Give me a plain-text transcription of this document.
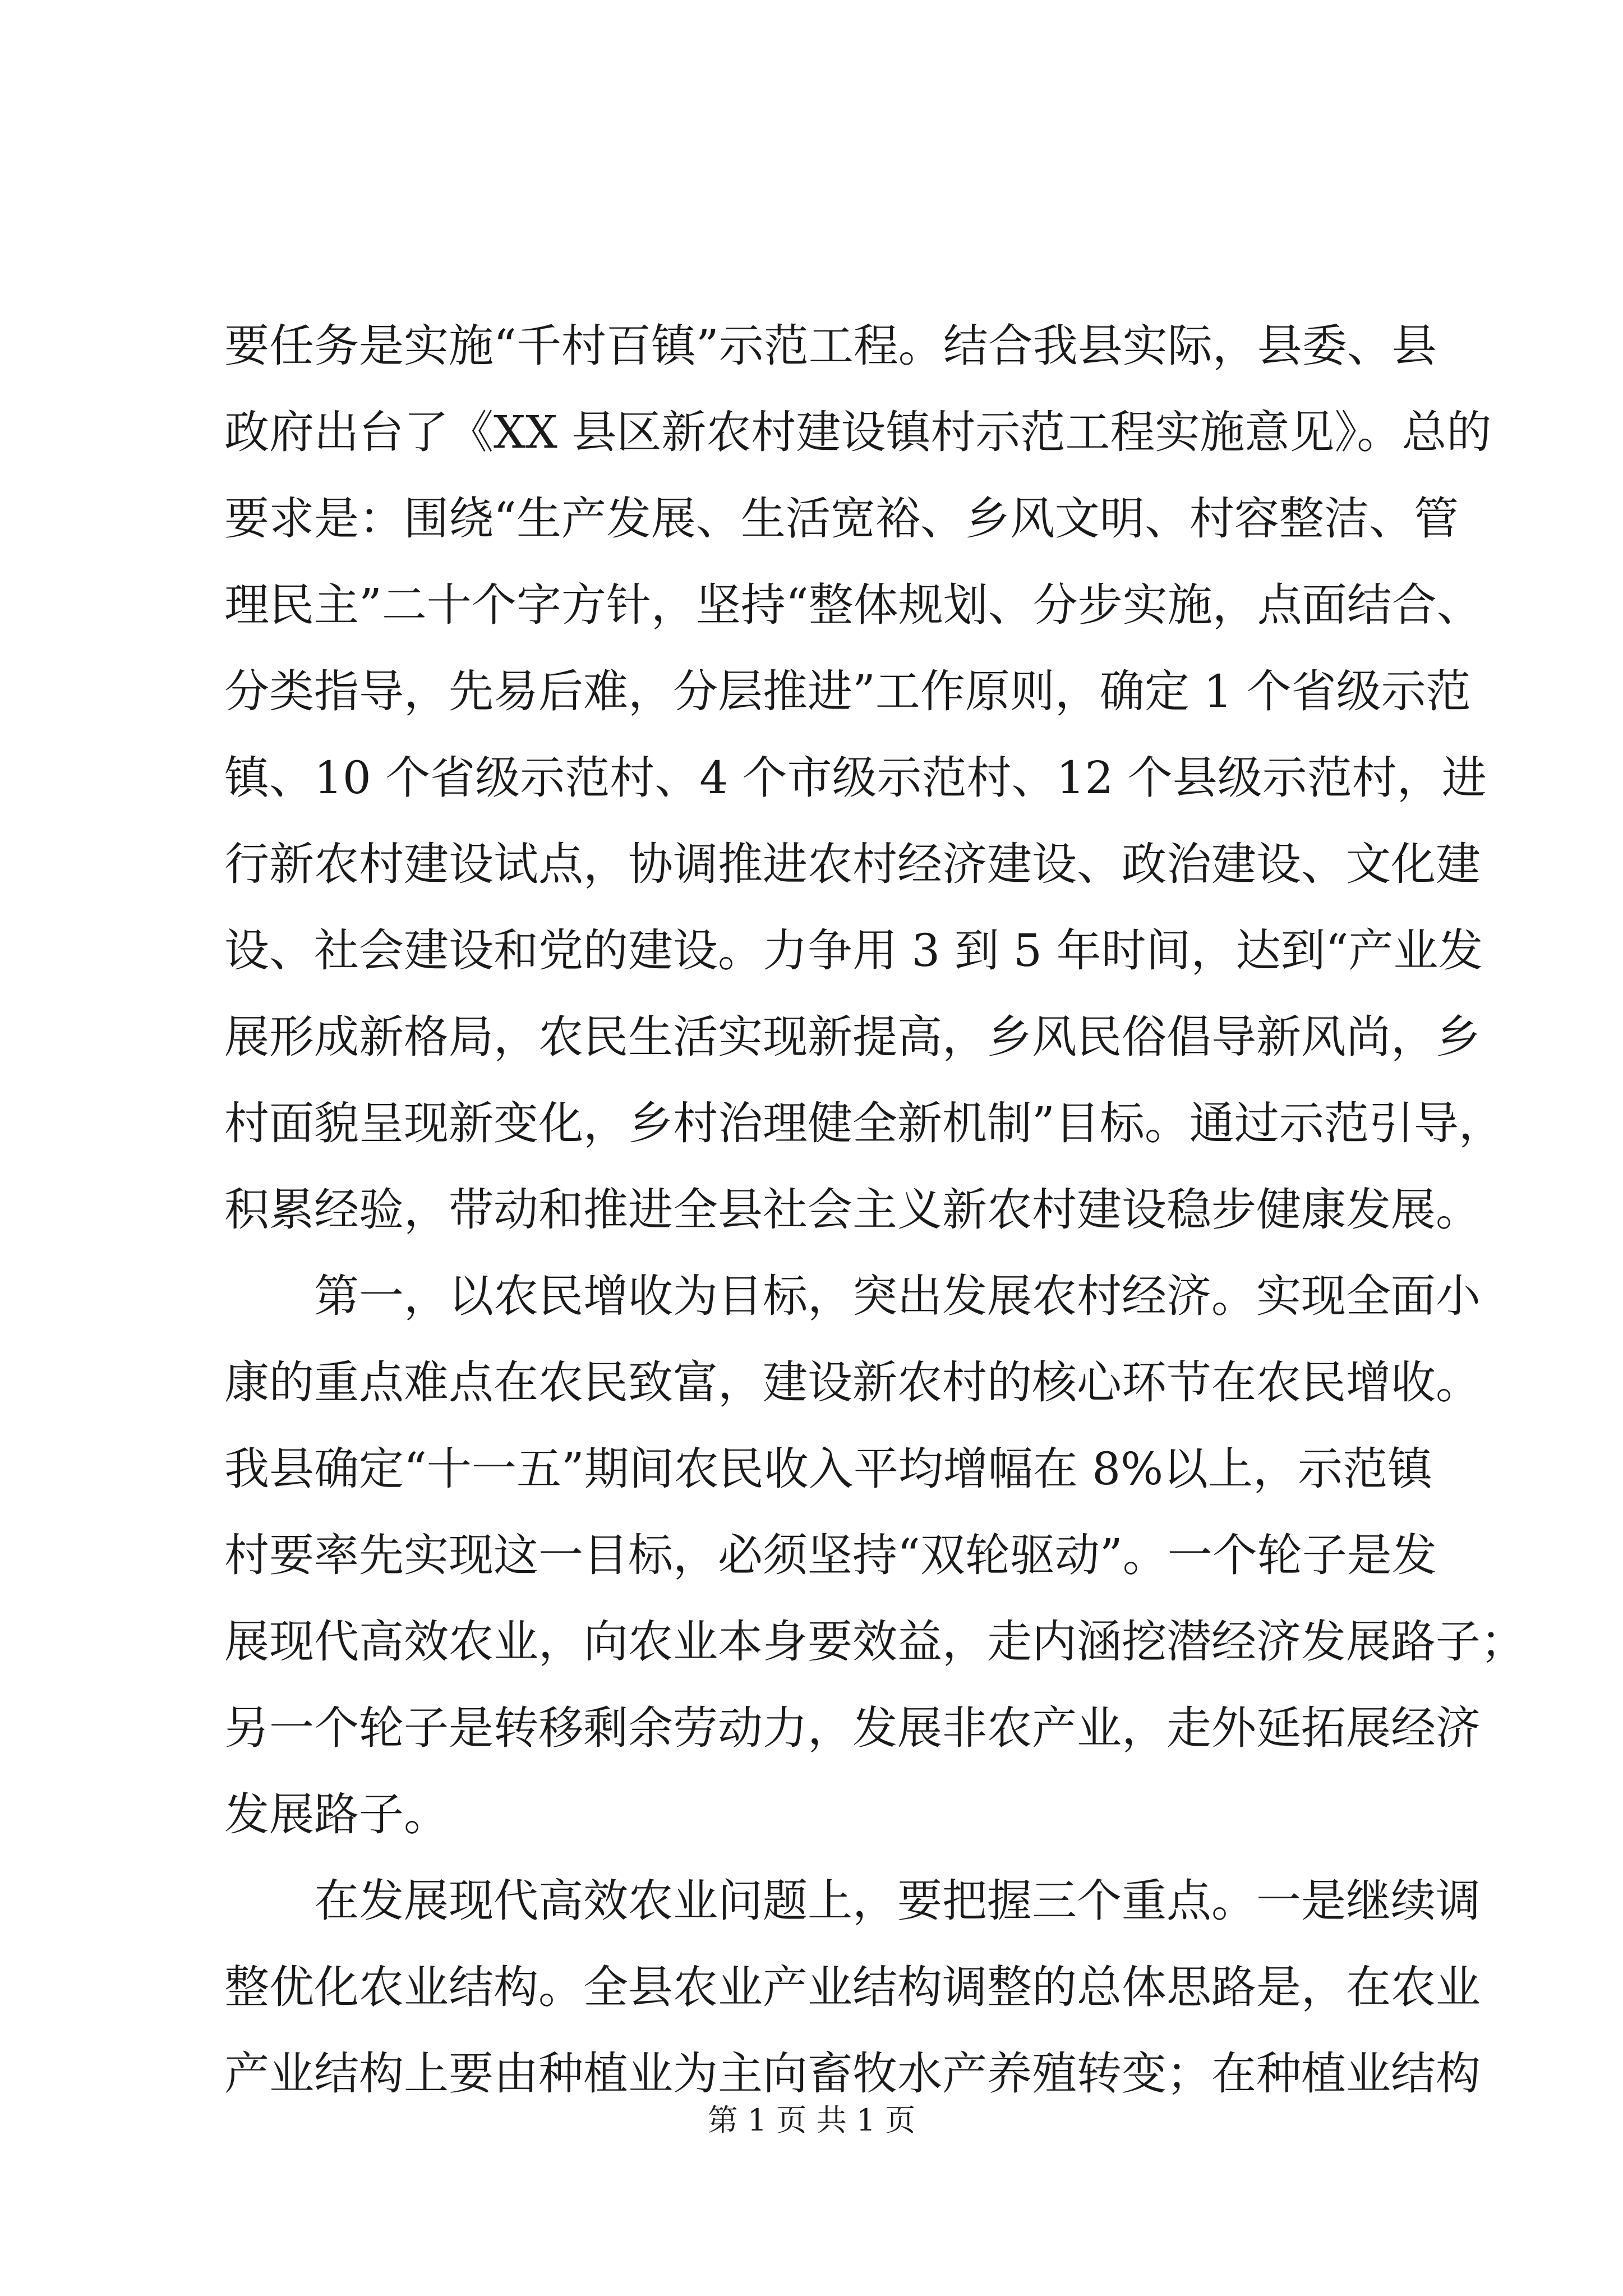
要任务是实施“千村百镇”示范工程。结合我县实际，县委、县
政府出台了《XX 县区新农村建设镇村示范工程实施意见》。总的
要求是：围绕“生产发展、生活宽裕、乡风文明、村容整洁、管
理民主”二十个字方针，坚持“整体规划、分步实施，点面结合、
分类指导，先易后难，分层推进”工作原则，确定 1 个省级示范
镇、10 个省级示范村、4 个市级示范村、12 个县级示范村，进
行新农村建设试点，协调推进农村经济建设、政治建设、文化建
设、社会建设和党的建设。力争用 3 到 5 年时间，达到“产业发
展形成新格局，农民生活实现新提高，乡风民俗倡导新风尚，乡
村面貌呈现新变化，乡村治理健全新机制”目标。通过示范引导，
积累经验，带动和推进全县社会主义新农村建设稳步健康发展。
第一，以农民增收为目标，突出发展农村经济。实现全面小
康的重点难点在农民致富，建设新农村的核心环节在农民增收。
我县确定“十一五”期间农民收入平均增幅在 8%以上，示范镇
村要率先实现这一目标，必须坚持“双轮驱动”。一个轮子是发
展现代高效农业，向农业本身要效益，走内涵挖潜经济发展路子；
另一个轮子是转移剩余劳动力，发展非农产业，走外延拓展经济
发展路子。
在发展现代高效农业问题上，要把握三个重点。一是继续调
整优化农业结构。全县农业产业结构调整的总体思路是，在农业
产业结构上要由种植业为主向畜牧水产养殖转变；在种植业结构
第 1 页 共 1 页
